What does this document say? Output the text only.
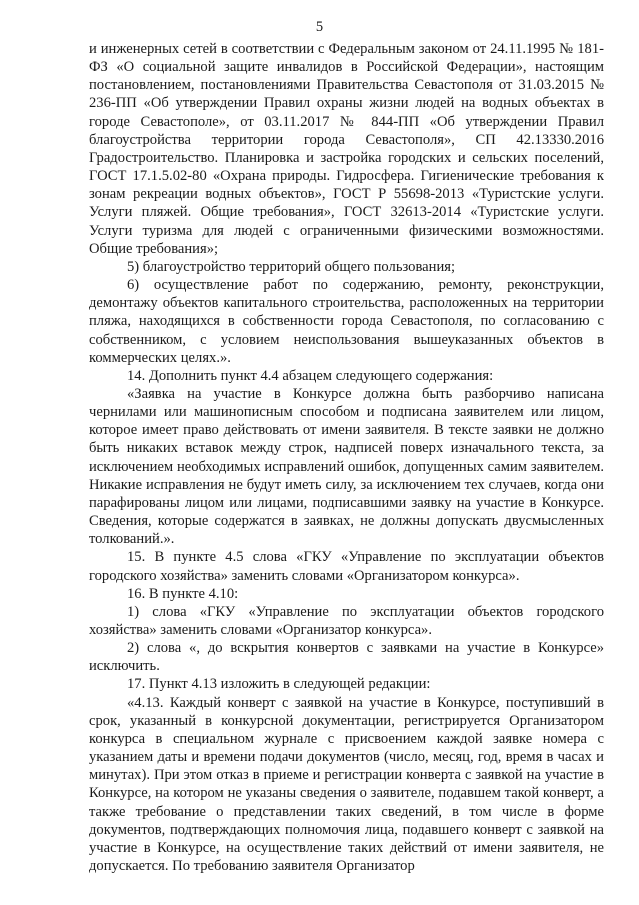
5

и инженерных сетей в соответствии с Федеральным законом от 24.11.1995 № 181-ФЗ «О социальной защите инвалидов в Российской Федерации», настоящим постановлением, постановлениями Правительства Севастополя от 31.03.2015 № 236-ПП «Об утверждении Правил охраны жизни людей на водных объектах в городе Севастополе», от 03.11.2017 № 844-ПП «Об утверждении Правил благоустройства территории города Севастополя», СП 42.13330.2016 Градостроительство. Планировка и застройка городских и сельских поселений, ГОСТ 17.1.5.02-80 «Охрана природы. Гидросфера. Гигиенические требования к зонам рекреации водных объектов», ГОСТ Р 55698-2013 «Туристские услуги. Услуги пляжей. Общие требования», ГОСТ 32613-2014 «Туристские услуги. Услуги туризма для людей с ограниченными физическими возможностями. Общие требования»;

5) благоустройство территорий общего пользования;

6) осуществление работ по содержанию, ремонту, реконструкции, демонтажу объектов капитального строительства, расположенных на территории пляжа, находящихся в собственности города Севастополя, по согласованию с собственником, с условием неиспользования вышеуказанных объектов в коммерческих целях.».

14. Дополнить пункт 4.4 абзацем следующего содержания:

«Заявка на участие в Конкурсе должна быть разборчиво написана чернилами или машинописным способом и подписана заявителем или лицом, которое имеет право действовать от имени заявителя. В тексте заявки не должно быть никаких вставок между строк, надписей поверх изначального текста, за исключением необходимых исправлений ошибок, допущенных самим заявителем. Никакие исправления не будут иметь силу, за исключением тех случаев, когда они парафированы лицом или лицами, подписавшими заявку на участие в Конкурсе. Сведения, которые содержатся в заявках, не должны допускать двусмысленных толкований.».

15. В пункте 4.5 слова «ГКУ «Управление по эксплуатации объектов городского хозяйства» заменить словами «Организатором конкурса».

16. В пункте 4.10:

1) слова «ГКУ «Управление по эксплуатации объектов городского хозяйства» заменить словами «Организатор конкурса».

2) слова «, до вскрытия конвертов с заявками на участие в Конкурсе» исключить.

17. Пункт 4.13 изложить в следующей редакции:

«4.13. Каждый конверт с заявкой на участие в Конкурсе, поступивший в срок, указанный в конкурсной документации, регистрируется Организатором конкурса в специальном журнале с присвоением каждой заявке номера с указанием даты и времени подачи документов (число, месяц, год, время в часах и минутах). При этом отказ в приеме и регистрации конверта с заявкой на участие в Конкурсе, на котором не указаны сведения о заявителе, подавшем такой конверт, а также требование о представлении таких сведений, в том числе в форме документов, подтверждающих полномочия лица, подавшего конверт с заявкой на участие в Конкурсе, на осуществление таких действий от имени заявителя, не допускается. По требованию заявителя Организатор
